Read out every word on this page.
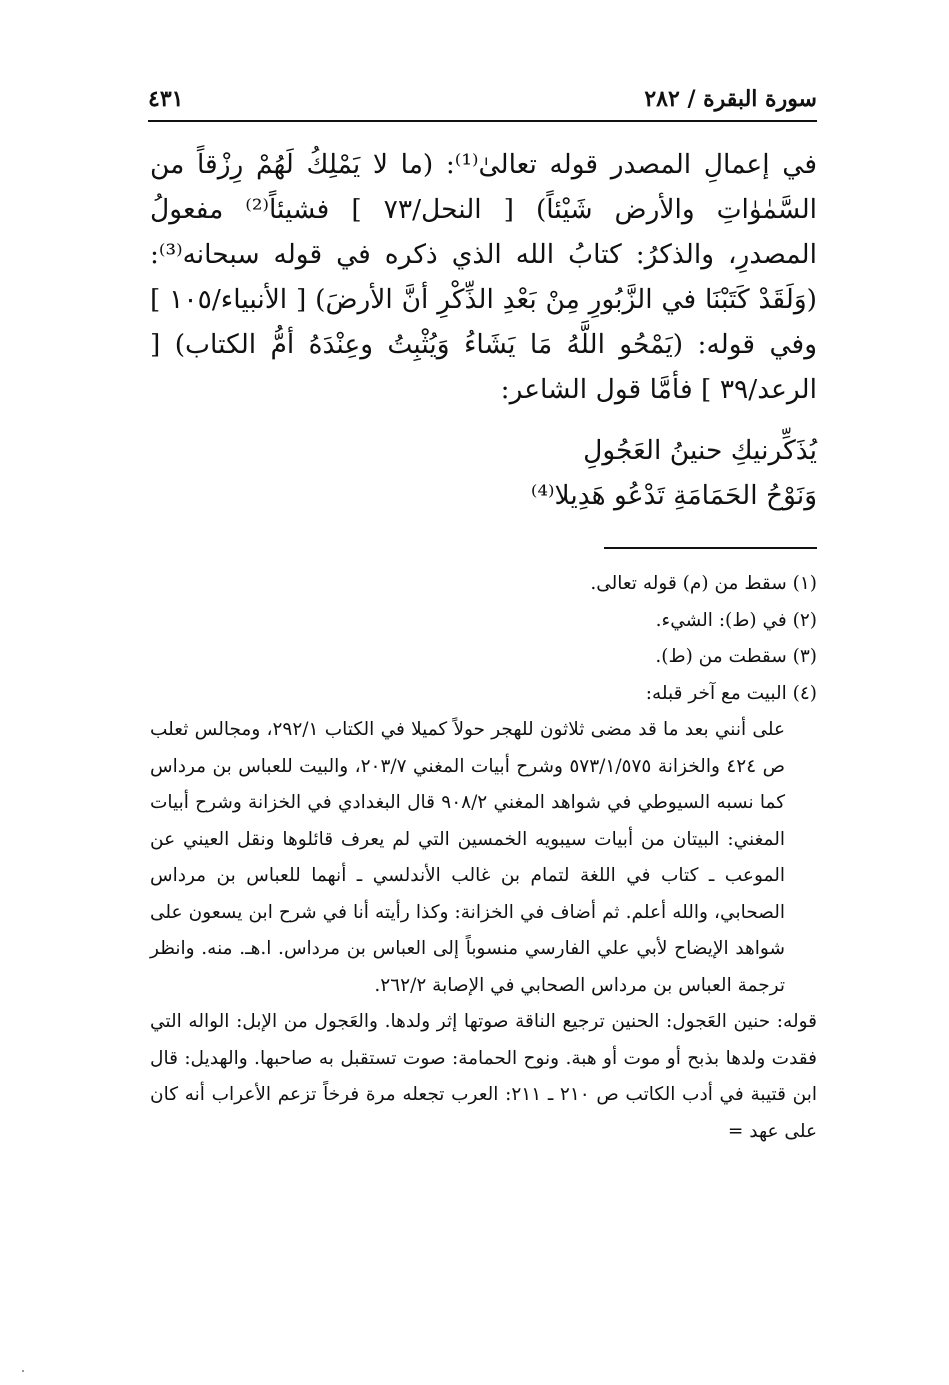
سورة البقرة / ٢٨٢
٤٣١

في إعمالِ المصدر قوله تعالىٰ⁽¹⁾: (ما لا يَمْلِكُ لَهُمْ رِزْقاً من السَّمٰوٰاتِ والأرض شَيْئاً) [ النحل/٧٣ ] فشيئاً⁽²⁾ مفعولُ المصدرِ، والذكرُ: كتابُ الله الذي ذكره في قوله سبحانه⁽³⁾: (وَلَقَدْ كَتَبْنَا في الزَّبُورِ مِنْ بَعْدِ الذِّكْرِ أنَّ الأرضَ) [ الأنبياء/١٠٥ ] وفي قوله: (يَمْحُو اللَّهُ مَا يَشَاءُ وَيُثْبِتُ وعِنْدَهُ أمُّ الكتاب) [ الرعد/٣٩ ] فأمَّا قول الشاعر:

يُذَكِّرنيكِ حنينُ العَجُولِ
وَنَوْحُ الحَمَامَةِ تَدْعُو هَدِيلا⁽⁴⁾

(١) سقط من (م) قوله تعالى.

(٢) في (ط): الشيء.

(٣) سقطت من (ط).

(٤) البيت مع آخر قبله:

على أنني بعد ما قد مضى ثلاثون للهجر حولاً كميلا في الكتاب ٢٩٢/١، ومجالس ثعلب ص ٤٢٤ والخزانة ٥٧٣/١/٥٧٥ وشرح أبيات المغني ٢٠٣/٧، والبيت للعباس بن مرداس كما نسبه السيوطي في شواهد المغني ٩٠٨/٢ قال البغدادي في الخزانة وشرح أبيات المغني: البيتان من أبيات سيبويه الخمسين التي لم يعرف قائلوها ونقل العيني عن الموعب ـ كتاب في اللغة لتمام بن غالب الأندلسي ـ أنهما للعباس بن مرداس الصحابي، والله أعلم. ثم أضاف في الخزانة: وكذا رأيته أنا في شرح ابن يسعون على شواهد الإيضاح لأبي علي الفارسي منسوباً إلى العباس بن مرداس. ا.هـ. منه. وانظر ترجمة العباس بن مرداس الصحابي في الإصابة ٢٦٢/٢.

قوله: حنين العَجول: الحنين ترجيع الناقة صوتها إثر ولدها. والعَجول من الإبل: الواله التي فقدت ولدها بذبح أو موت أو هبة. ونوح الحمامة: صوت تستقبل به صاحبها. والهديل: قال ابن قتيبة في أدب الكاتب ص ٢١٠ ـ ٢١١: العرب تجعله مرة فرخاً تزعم الأعراب أنه كان على عهد =
